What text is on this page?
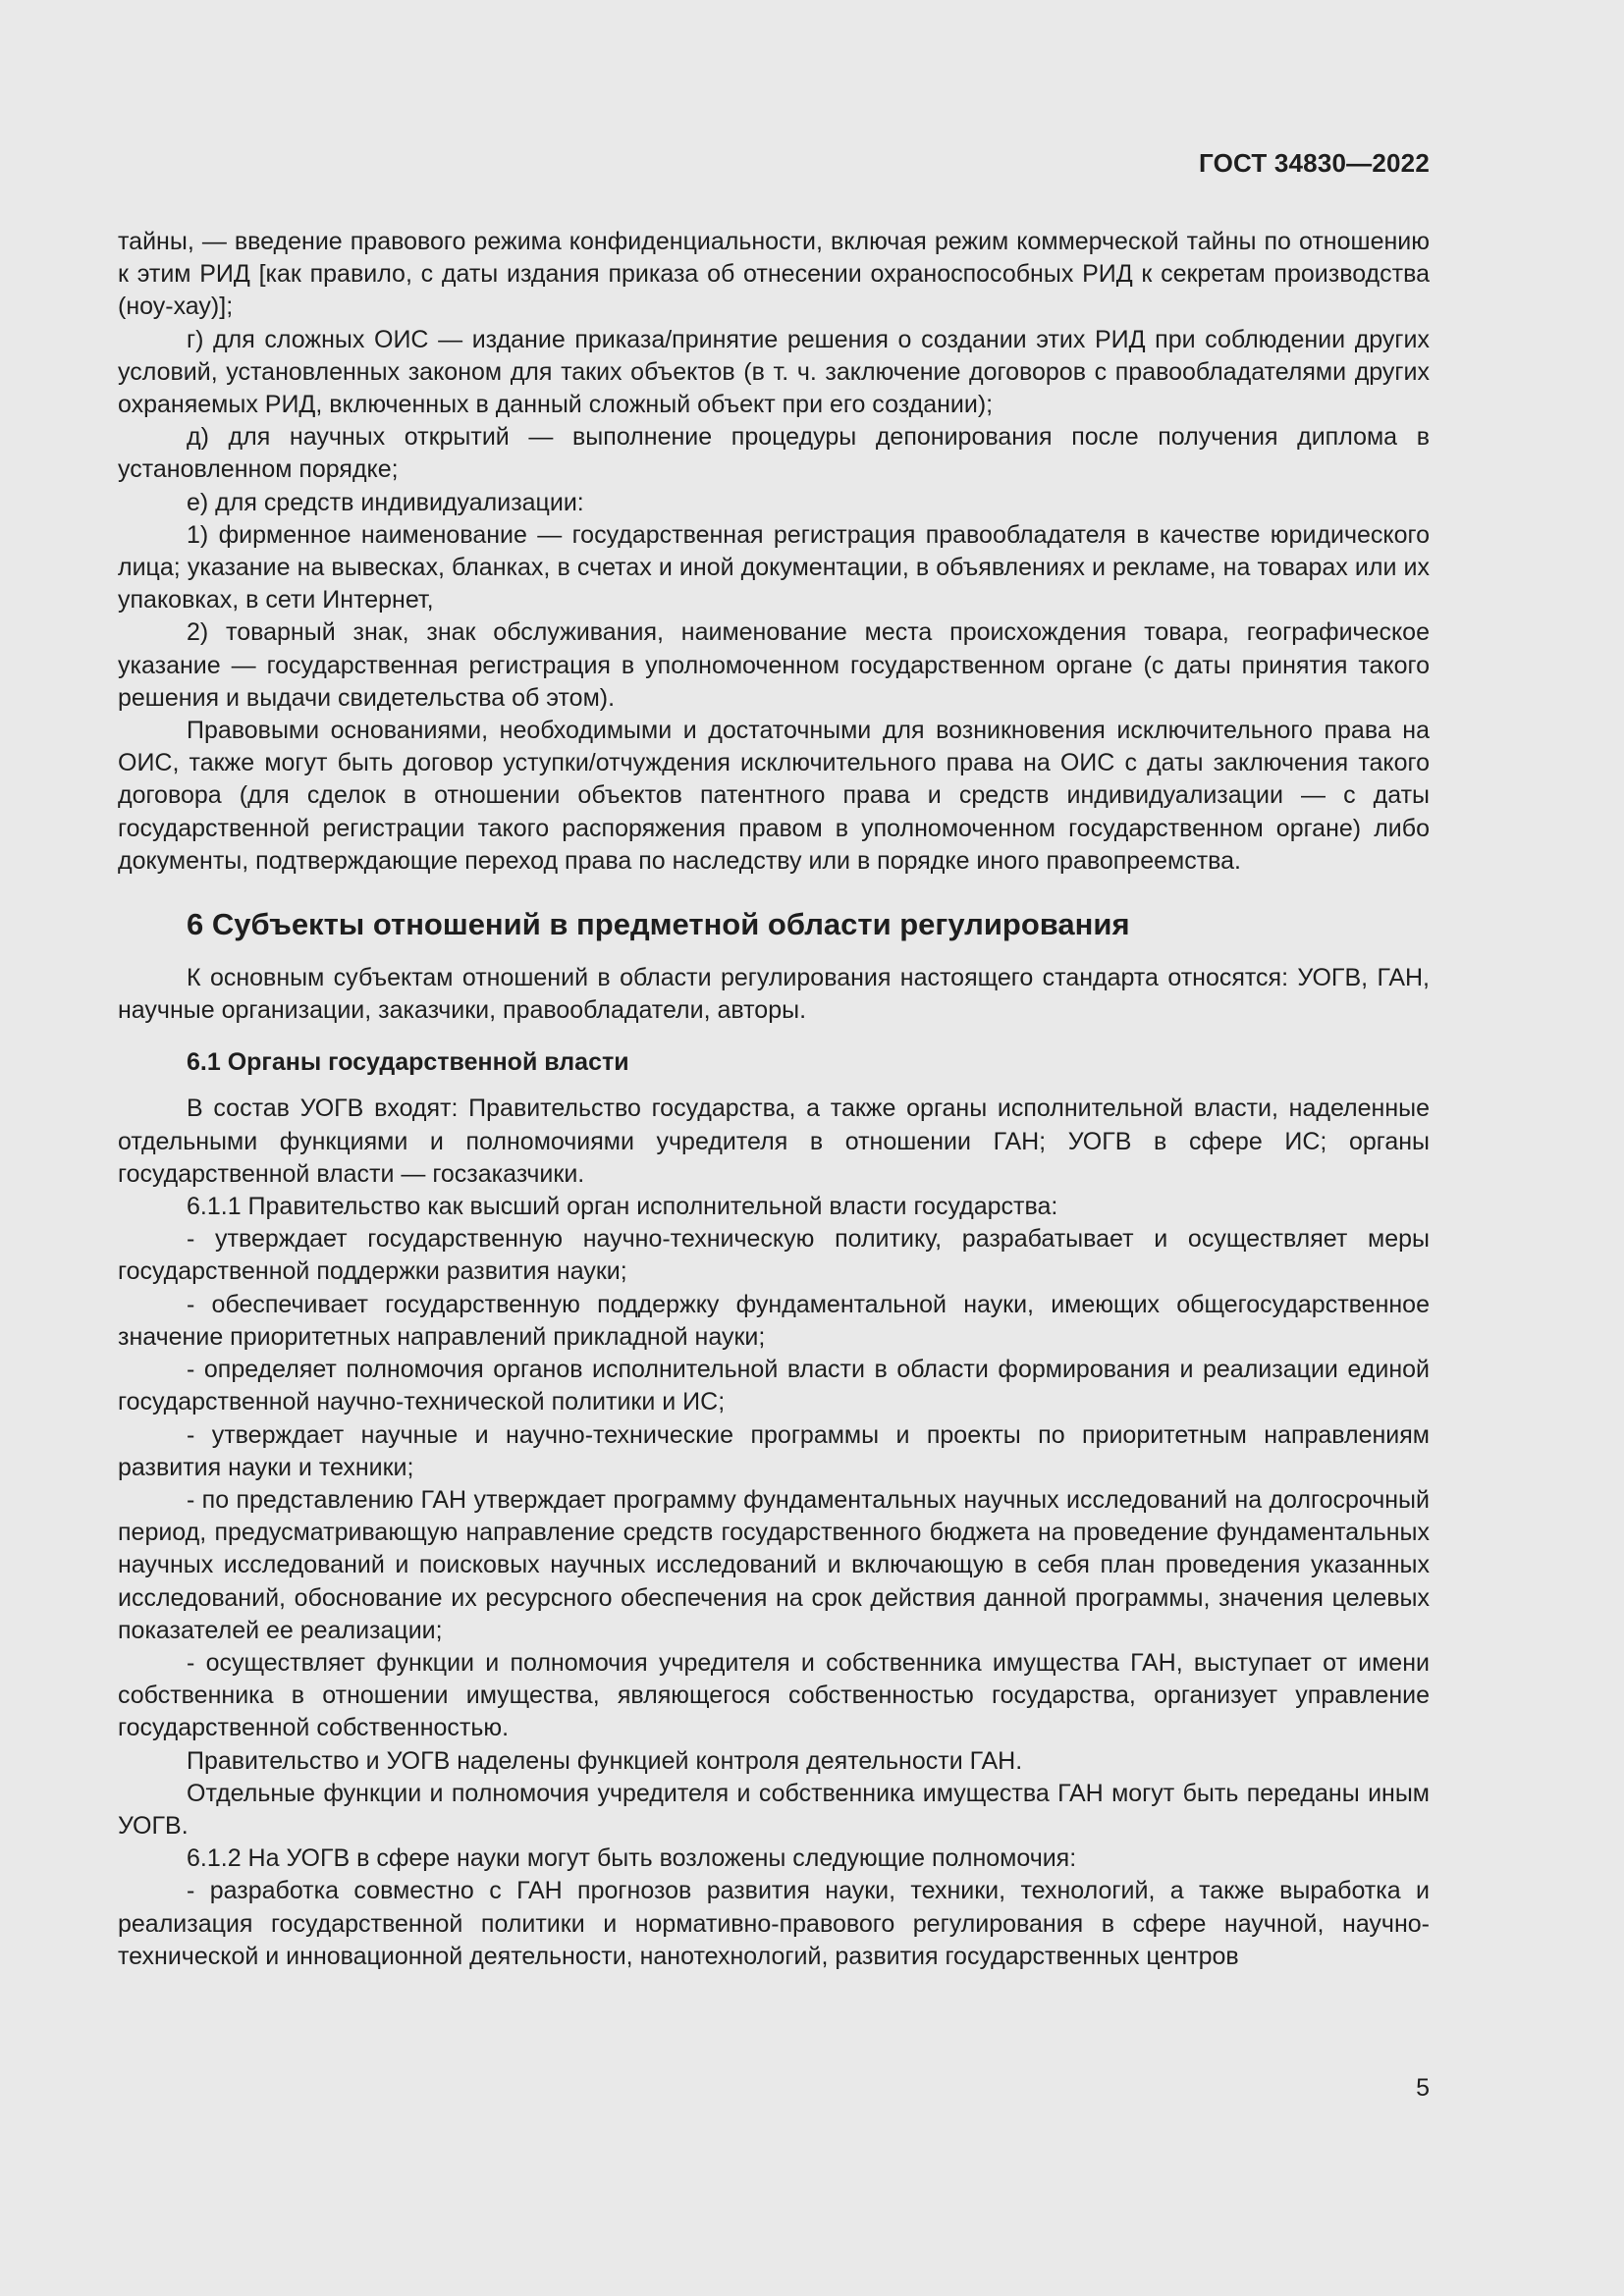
ГОСТ 34830—2022

тайны, — введение правового режима конфиденциальности, включая режим коммерческой тайны по отношению к этим РИД [как правило, с даты издания приказа об отнесении охраноспособных РИД к секретам производства (ноу-хау)];

г) для сложных ОИС — издание приказа/принятие решения о создании этих РИД при соблюдении других условий, установленных законом для таких объектов (в т. ч. заключение договоров с правообладателями других охраняемых РИД, включенных в данный сложный объект при его создании);

д) для научных открытий — выполнение процедуры депонирования после получения диплома в установленном порядке;

е) для средств индивидуализации:

1) фирменное наименование — государственная регистрация правообладателя в качестве юридического лица; указание на вывесках, бланках, в счетах и иной документации, в объявлениях и рекламе, на товарах или их упаковках, в сети Интернет,

2) товарный знак, знак обслуживания, наименование места происхождения товара, географическое указание — государственная регистрация в уполномоченном государственном органе (с даты принятия такого решения и выдачи свидетельства об этом).

Правовыми основаниями, необходимыми и достаточными для возникновения исключительного права на ОИС, также могут быть договор уступки/отчуждения исключительного права на ОИС с даты заключения такого договора (для сделок в отношении объектов патентного права и средств индивидуализации — с даты государственной регистрации такого распоряжения правом в уполномоченном государственном органе) либо документы, подтверждающие переход права по наследству или в порядке иного правопреемства.

6 Субъекты отношений в предметной области регулирования

К основным субъектам отношений в области регулирования настоящего стандарта относятся: УОГВ, ГАН, научные организации, заказчики, правообладатели, авторы.

6.1 Органы государственной власти

В состав УОГВ входят: Правительство государства, а также органы исполнительной власти, наделенные отдельными функциями и полномочиями учредителя в отношении ГАН; УОГВ в сфере ИС; органы государственной власти — госзаказчики.

6.1.1 Правительство как высший орган исполнительной власти государства:

- утверждает государственную научно-техническую политику, разрабатывает и осуществляет меры государственной поддержки развития науки;

- обеспечивает государственную поддержку фундаментальной науки, имеющих общегосударственное значение приоритетных направлений прикладной науки;

- определяет полномочия органов исполнительной власти в области формирования и реализации единой государственной научно-технической политики и ИС;

- утверждает научные и научно-технические программы и проекты по приоритетным направлениям развития науки и техники;

- по представлению ГАН утверждает программу фундаментальных научных исследований на долгосрочный период, предусматривающую направление средств государственного бюджета на проведение фундаментальных научных исследований и поисковых научных исследований и включающую в себя план проведения указанных исследований, обоснование их ресурсного обеспечения на срок действия данной программы, значения целевых показателей ее реализации;

- осуществляет функции и полномочия учредителя и собственника имущества ГАН, выступает от имени собственника в отношении имущества, являющегося собственностью государства, организует управление государственной собственностью.

Правительство и УОГВ наделены функцией контроля деятельности ГАН.

Отдельные функции и полномочия учредителя и собственника имущества ГАН могут быть переданы иным УОГВ.

6.1.2 На УОГВ в сфере науки могут быть возложены следующие полномочия:

- разработка совместно с ГАН прогнозов развития науки, техники, технологий, а также выработка и реализация государственной политики и нормативно-правового регулирования в сфере научной, научно-технической и инновационной деятельности, нанотехнологий, развития государственных центров

5
